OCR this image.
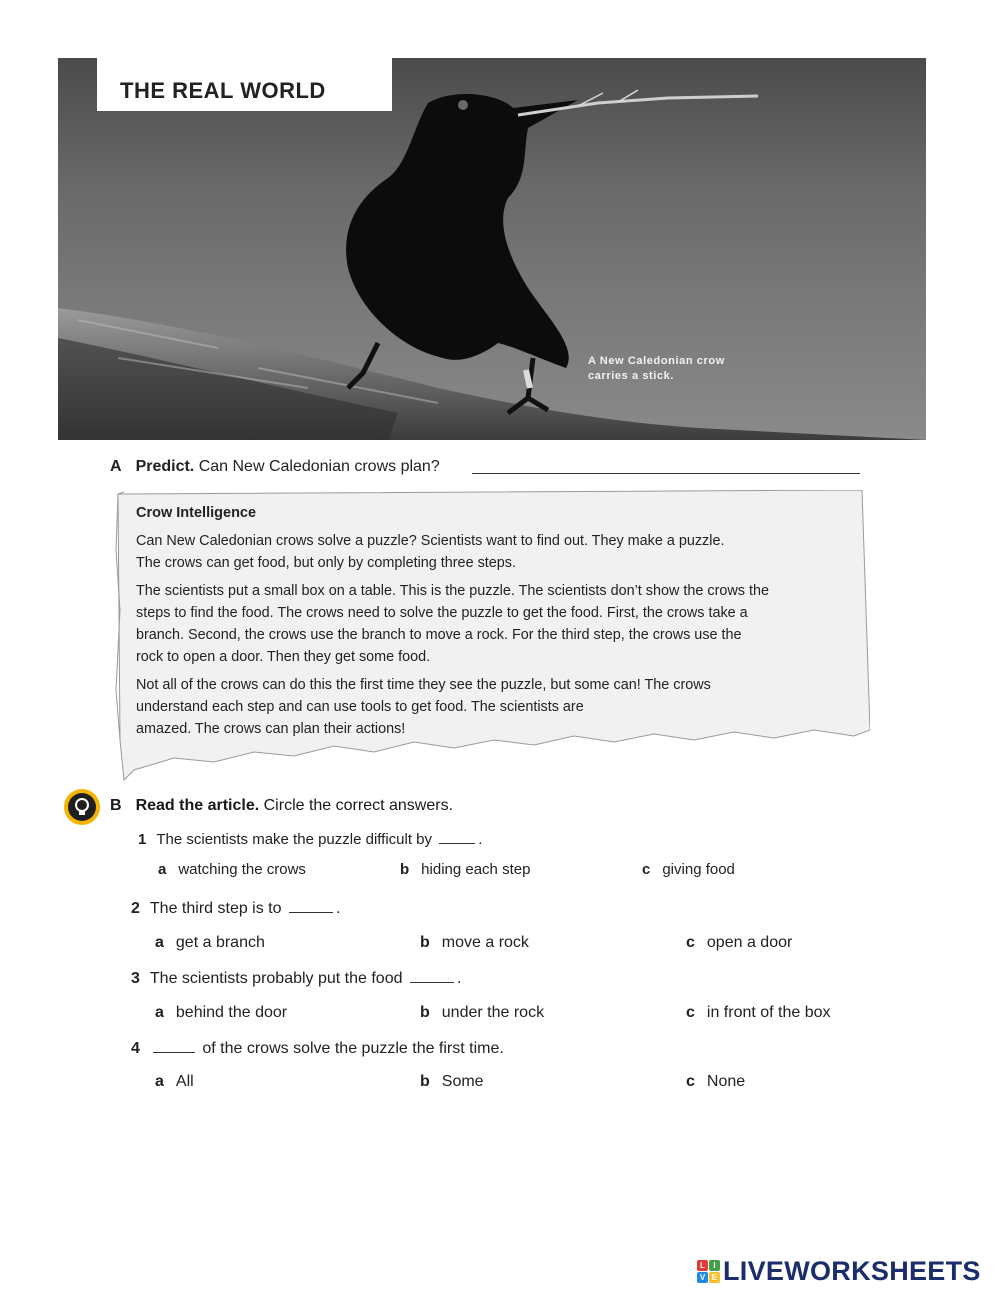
THE REAL WORLD
A New Caledonian crow
carries a stick.
A Predict. Can New Caledonian crows plan?
Crow Intelligence
Can New Caledonian crows solve a puzzle? Scientists want to find out. They make a puzzle.
The crows can get food, but only by completing three steps.
The scientists put a small box on a table. This is the puzzle. The scientists don’t show the crows the
steps to find the food. The crows need to solve the puzzle to get the food. First, the crows take a
branch. Second, the crows use the branch to move a rock. For the third step, the crows use the
rock to open a door. Then they get some food.
Not all of the crows can do this the first time they see the puzzle, but some can! The crows
understand each step and can use tools to get food. The scientists are
amazed. The crows can plan their actions!
B Read the article. Circle the correct answers.
1 The scientists make the puzzle difficult by	.
a watching the crows	b hiding each step	c giving food
2 The third step is to	.
a get a branch	b move a rock	c open a door
3 The scientists probably put the food	.
a behind the door	b under the rock	c in front of the box
4	of the crows solve the puzzle the first time.
a All	b Some	c None
L	I
V E LIVEWORKSHEETS
